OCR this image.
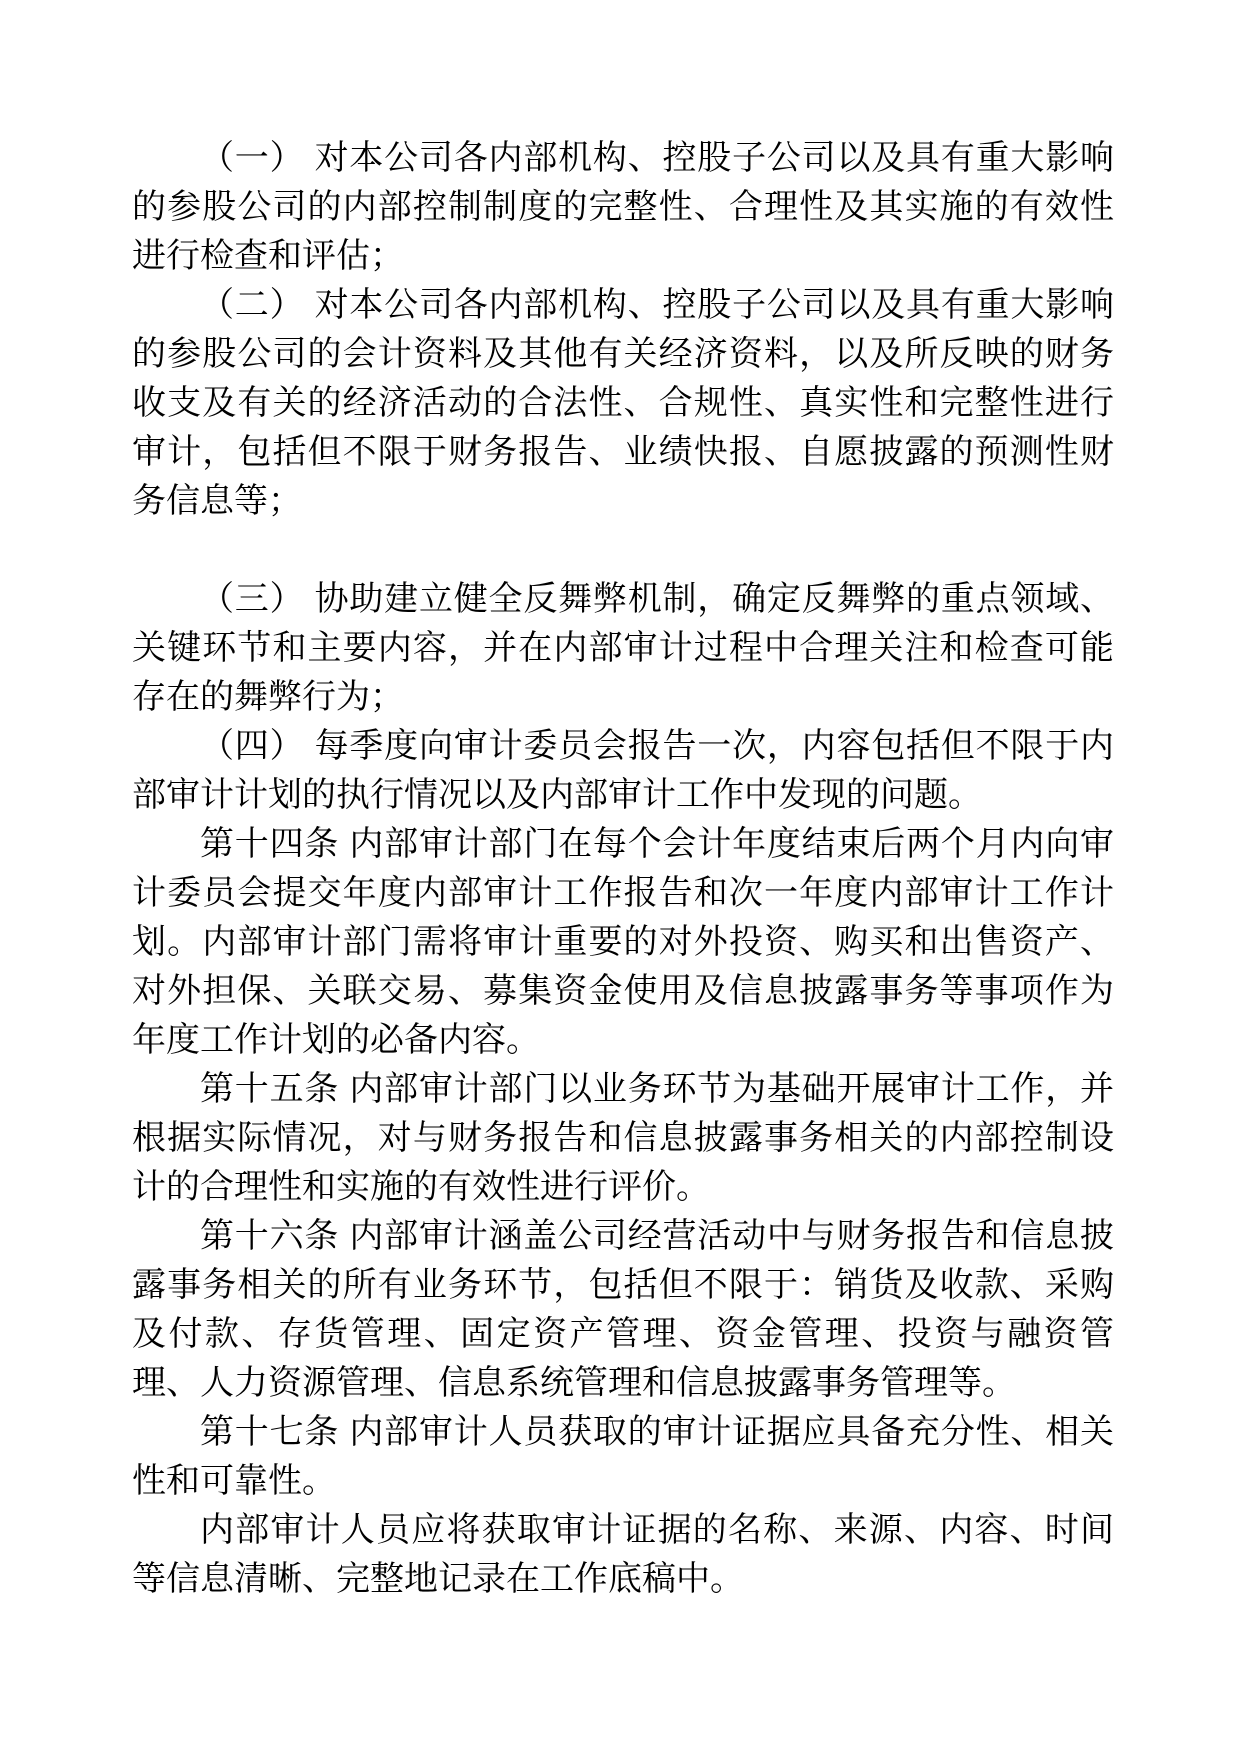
（一） 对本公司各内部机构、控股子公司以及具有重大影响的参股公司的内部控制制度的完整性、合理性及其实施的有效性进行检查和评估；

（二） 对本公司各内部机构、控股子公司以及具有重大影响的参股公司的会计资料及其他有关经济资料，以及所反映的财务收支及有关的经济活动的合法性、合规性、真实性和完整性进行审计，包括但不限于财务报告、业绩快报、自愿披露的预测性财务信息等；

（三） 协助建立健全反舞弊机制，确定反舞弊的重点领域、关键环节和主要内容，并在内部审计过程中合理关注和检查可能存在的舞弊行为；

（四） 每季度向审计委员会报告一次，内容包括但不限于内部审计计划的执行情况以及内部审计工作中发现的问题。

第十四条 内部审计部门在每个会计年度结束后两个月内向审计委员会提交年度内部审计工作报告和次一年度内部审计工作计划。内部审计部门需将审计重要的对外投资、购买和出售资产、对外担保、关联交易、募集资金使用及信息披露事务等事项作为年度工作计划的必备内容。

第十五条 内部审计部门以业务环节为基础开展审计工作，并根据实际情况，对与财务报告和信息披露事务相关的内部控制设计的合理性和实施的有效性进行评价。

第十六条 内部审计涵盖公司经营活动中与财务报告和信息披露事务相关的所有业务环节，包括但不限于：销货及收款、采购及付款、存货管理、固定资产管理、资金管理、投资与融资管理、人力资源管理、信息系统管理和信息披露事务管理等。

第十七条 内部审计人员获取的审计证据应具备充分性、相关性和可靠性。

内部审计人员应将获取审计证据的名称、来源、内容、时间等信息清晰、完整地记录在工作底稿中。
